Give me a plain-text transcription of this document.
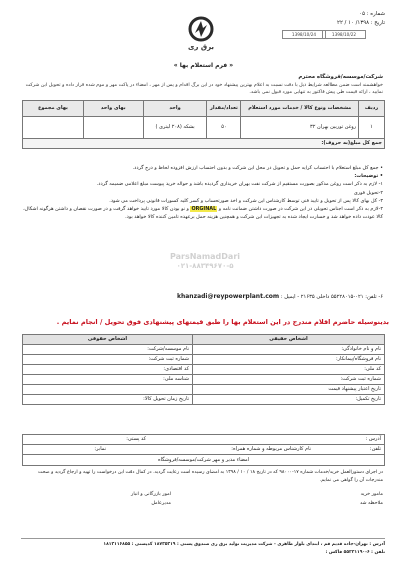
شماره : ۰۵
تاریخ : ۱۳۹۸/ ۱۰ / ۲۲
1398/10/24	1398/10/22
برق ری
« فرم استعلام بها »
شرکت/موسسه/فروشگاه محترم
خواهشمند است ضمن مطالعه شرایط ذیل با دقت نسبت به اعلام بهترین پیشنهاد خود در این برگ اقدام و پس از مهر ، امضاء در پاکت مهر و موم شده قرار داده و تحویل این شرکت نمایید ، ارائه قیمت طی پیش فاکتور به تنهایی مورد قبول نمی باشد.
ردیف	مشخصات ونوع کالا / خدمات مورد استعلام	تعداد/مقدار	واحد	بهای واحد	بهای مجموع
۱	روغن توربین بهران ۳۲	۵۰	بشکه (۲۰۸ لیتری )		
جمع کل مبلغ(به حروف):					

• جمع کل مبلغ استعلام با احتساب کرایه حمل و تحویل در محل این شرکت و بدون احتساب ارزش افزوده لحاظ و درج گردد.

• توضیحات:

۱- لازم به ذکر است روغن مذکور بصورت مستقیم از شرکت نفت بهران خریداری گردیده باشد و حواله خرید پیوست مبلغ اعلامی ضمیمه گردد.

۲-تحویل فوری

۳- کل بهای کالا پس از تحویل و تایید فنی توسط کارشناس این شرکت و اخذ صورتحساب و کسر کلیه کسورات قانونی پرداخت می شود.

۴-لازم به ذکر است اجناس تحویلی در این شرکت در صورت داشتن ضمانت نامه و ORGINAL و نو بودن کالا مورد تایید خواهد گرفت و در صورت نقصان و داشتن هرگونه اشکال، کالا عودت داده خواهد شد و خسارت ایجاد شده به تجهیزات این شرکت و همچنین هزینه حمل برعهده تامین کننده کالا خواهد بود.

ParsNamadDari
۰۲۱-۸۸۳۴۹۶۷۰-۵
۶- تلفن: ۰۲۱-۵۵۲۲۸۰۱۵ داخلی ۲۱۶۳۵ - ایمیل : khanzadi@reypowerplant.com
بدینوسیله حاضرم اقلام مندرج در این استعلام بها را طبق قیمتهای پیشنهادی فوق تحویل / انجام نمایم .
اشخاص حقیقی	اشخاص حقوقی
نام و نام خانوادگی:	نام موسسه/شرکت:
نام فروشگاه/پیمانکار:	شماره ثبت شرکت:
کد ملی:	کد اقتصادی:
شماره ثبت شرکت:	شناسه ملی:
تاریخ اعتبار پیشنهاد قیمت	
تاریخ تکمیل:	تاریخ زمان تحویل کالا:
آدرس :
کد پستی:
تلفن:
نام کارشناس مربوطه و شماره همراه:
نمابر:
امضاء مدیر و مهر شرکت/موسسه/فروشگاه
در اجرای دستورالعمل خرید/خدمات شماره ۱۷-۹۸۰۰۰ که در تاریخ ۱۸ / ۱۰ / ۱۳۹۸ به امضای رسیده است رعایت گردید. در کمال دقت این درخواست را تهیه و ارجاع گردید و صحت مندرجات آن را گواهی می نمایم.
مامور خرید
ملاحظه شد
امور بازرگانی و انبار
مدیرعامل
آدرس : تهران-جاده قدیم قم ، ابتدای بلوار طاهری - شرکت مدیریت تولید برق ری صندوق پستی : ۱۸۷۳۵۳۱۹ کدپستی : ۱۸۱۳۱۱۶۸۵۵
تلفن : ۶-۵۵۲۲۱۱۹۰ فاکس :
